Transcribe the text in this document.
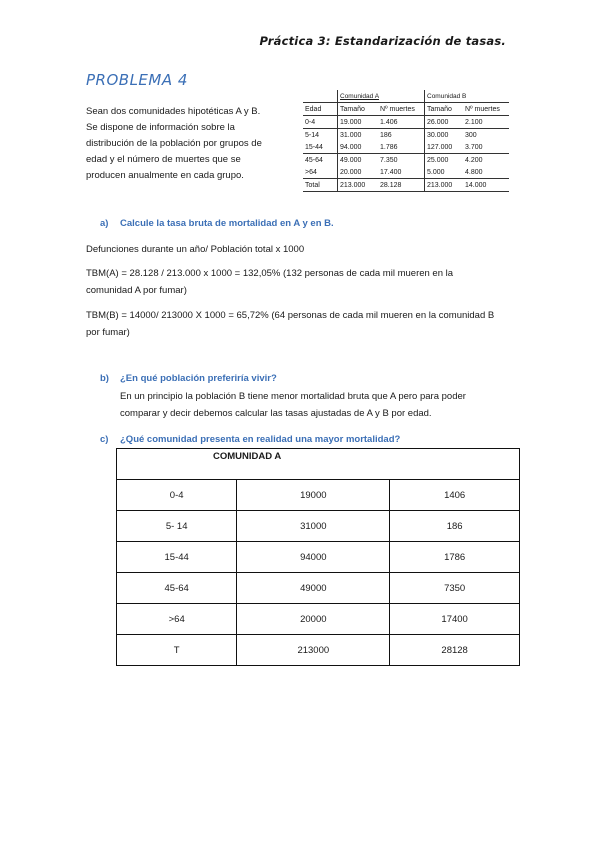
Práctica 3: Estandarización de tasas.
PROBLEMA 4
Sean dos comunidades hipotéticas A y B.
Se dispone de información sobre la
distribución de la población por grupos de
edad y el número de muertes que se
producen anualmente en cada grupo.
	Comunidad A		Comunidad B	
Edad	Tamaño	Nº muertes	Tamaño	Nº muertes
0-4	19.000	1.406	26.000	2.100
5-14	31.000	186	30.000	300
15-44	94.000	1.786	127.000	3.700
45-64	49.000	7.350	25.000	4.200
>64	20.000	17.400	5.000	4.800
Total	213.000	28.128	213.000	14.000
a) Calcule la tasa bruta de mortalidad en A y en B.
Defunciones durante un año/ Población total x 1000
TBM(A) = 28.128 / 213.000 x 1000 = 132,05% (132 personas de cada mil mueren en la
comunidad A por fumar)
TBM(B) = 14000/ 213000 X 1000 = 65,72% (64 personas de cada mil mueren en la comunidad B
por fumar)
b) ¿En qué población preferiría vivir?
En un principio la población B tiene menor mortalidad bruta que A pero para poder
comparar y decir debemos calcular las tasas ajustadas de A y B por edad.
c) ¿Qué comunidad presenta en realidad una mayor mortalidad?
COMUNIDAD A		
0-4	19000	1406
5- 14	31000	186
15-44	94000	1786
45-64	49000	7350
>64	20000	17400
T	213000	28128
